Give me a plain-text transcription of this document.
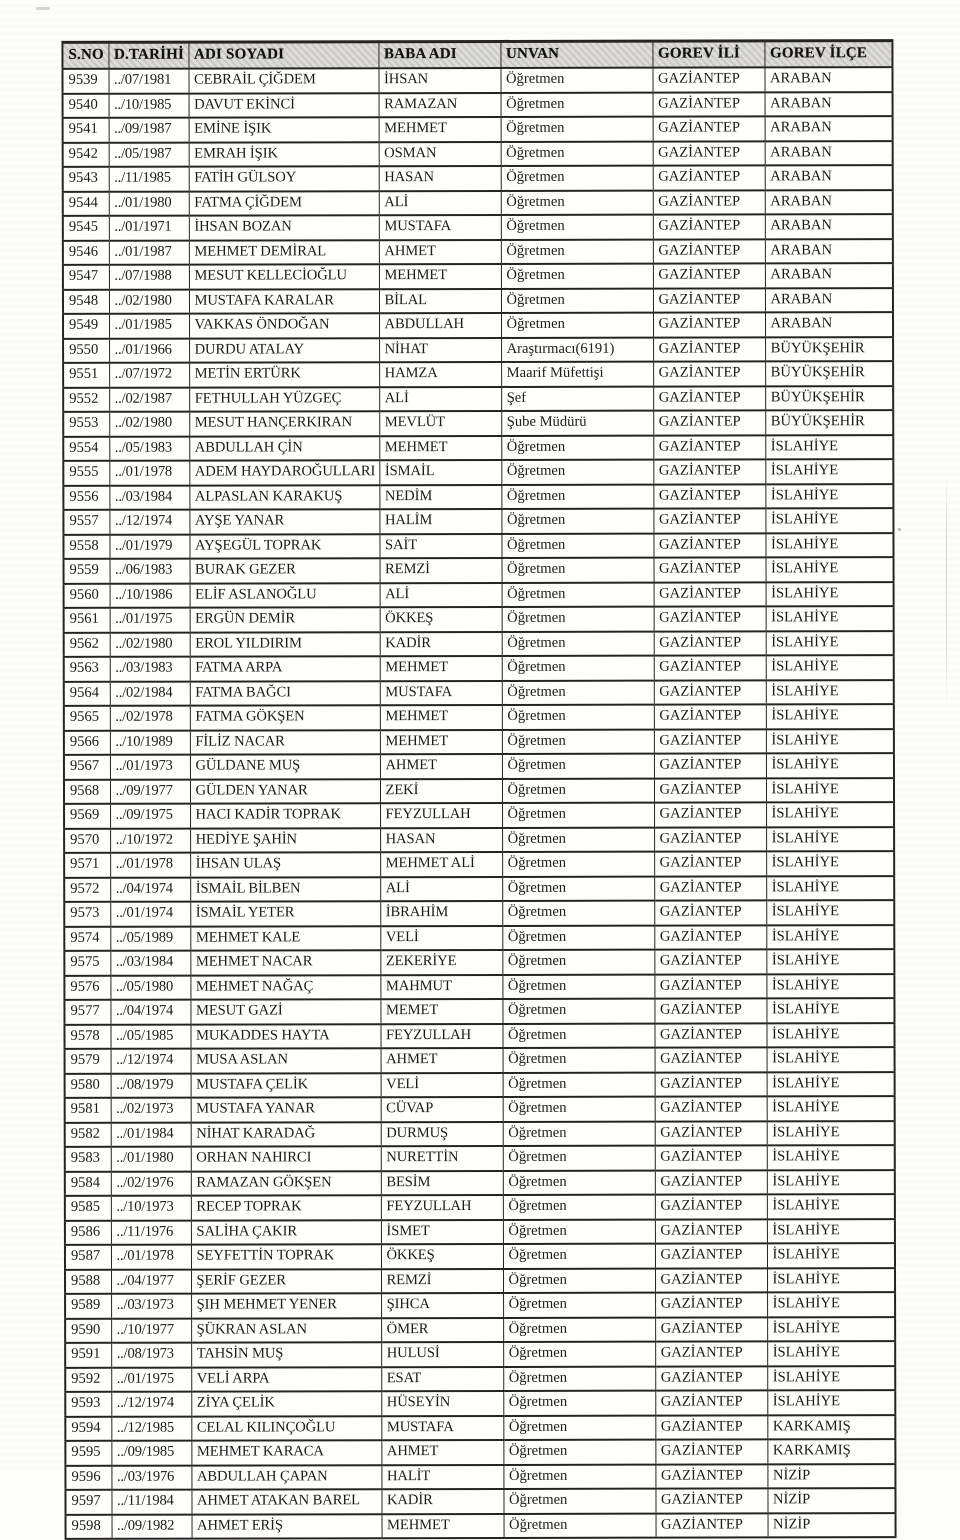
S.NO	D.TARİHİ	ADI SOYADI	BABA ADI	UNVAN	GOREV İLİ	GOREV İLÇE
9539	../07/1981	CEBRAİL ÇİĞDEM	İHSAN	Öğretmen	GAZİANTEP	ARABAN
9540	../10/1985	DAVUT EKİNCİ	RAMAZAN	Öğretmen	GAZİANTEP	ARABAN
9541	../09/1987	EMİNE İŞIK	MEHMET	Öğretmen	GAZİANTEP	ARABAN
9542	../05/1987	EMRAH İŞIK	OSMAN	Öğretmen	GAZİANTEP	ARABAN
9543	../11/1985	FATİH GÜLSOY	HASAN	Öğretmen	GAZİANTEP	ARABAN
9544	../01/1980	FATMA ÇİĞDEM	ALİ	Öğretmen	GAZİANTEP	ARABAN
9545	../01/1971	İHSAN BOZAN	MUSTAFA	Öğretmen	GAZİANTEP	ARABAN
9546	../01/1987	MEHMET DEMİRAL	AHMET	Öğretmen	GAZİANTEP	ARABAN
9547	../07/1988	MESUT KELLECİOĞLU	MEHMET	Öğretmen	GAZİANTEP	ARABAN
9548	../02/1980	MUSTAFA KARALAR	BİLAL	Öğretmen	GAZİANTEP	ARABAN
9549	../01/1985	VAKKAS ÖNDOĞAN	ABDULLAH	Öğretmen	GAZİANTEP	ARABAN
9550	../01/1966	DURDU ATALAY	NİHAT	Araştırmacı(6191)	GAZİANTEP	BÜYÜKŞEHİR
9551	../07/1972	METİN ERTÜRK	HAMZA	Maarif Müfettişi	GAZİANTEP	BÜYÜKŞEHİR
9552	../02/1987	FETHULLAH YÜZGEÇ	ALİ	Şef	GAZİANTEP	BÜYÜKŞEHİR
9553	../02/1980	MESUT HANÇERKIRAN	MEVLÜT	Şube Müdürü	GAZİANTEP	BÜYÜKŞEHİR
9554	../05/1983	ABDULLAH ÇİN	MEHMET	Öğretmen	GAZİANTEP	İSLAHİYE
9555	../01/1978	ADEM HAYDAROĞULLARI	İSMAİL	Öğretmen	GAZİANTEP	İSLAHİYE
9556	../03/1984	ALPASLAN KARAKUŞ	NEDİM	Öğretmen	GAZİANTEP	İSLAHİYE
9557	../12/1974	AYŞE YANAR	HALİM	Öğretmen	GAZİANTEP	İSLAHİYE
9558	../01/1979	AYŞEGÜL TOPRAK	SAİT	Öğretmen	GAZİANTEP	İSLAHİYE
9559	../06/1983	BURAK GEZER	REMZİ	Öğretmen	GAZİANTEP	İSLAHİYE
9560	../10/1986	ELİF ASLANOĞLU	ALİ	Öğretmen	GAZİANTEP	İSLAHİYE
9561	../01/1975	ERGÜN DEMİR	ÖKKEŞ	Öğretmen	GAZİANTEP	İSLAHİYE
9562	../02/1980	EROL YILDIRIM	KADİR	Öğretmen	GAZİANTEP	İSLAHİYE
9563	../03/1983	FATMA ARPA	MEHMET	Öğretmen	GAZİANTEP	İSLAHİYE
9564	../02/1984	FATMA BAĞCI	MUSTAFA	Öğretmen	GAZİANTEP	İSLAHİYE
9565	../02/1978	FATMA GÖKŞEN	MEHMET	Öğretmen	GAZİANTEP	İSLAHİYE
9566	../10/1989	FİLİZ NACAR	MEHMET	Öğretmen	GAZİANTEP	İSLAHİYE
9567	../01/1973	GÜLDANE MUŞ	AHMET	Öğretmen	GAZİANTEP	İSLAHİYE
9568	../09/1977	GÜLDEN YANAR	ZEKİ	Öğretmen	GAZİANTEP	İSLAHİYE
9569	../09/1975	HACI KADİR TOPRAK	FEYZULLAH	Öğretmen	GAZİANTEP	İSLAHİYE
9570	../10/1972	HEDİYE ŞAHİN	HASAN	Öğretmen	GAZİANTEP	İSLAHİYE
9571	../01/1978	İHSAN ULAŞ	MEHMET ALİ	Öğretmen	GAZİANTEP	İSLAHİYE
9572	../04/1974	İSMAİL BİLBEN	ALİ	Öğretmen	GAZİANTEP	İSLAHİYE
9573	../01/1974	İSMAİL YETER	İBRAHİM	Öğretmen	GAZİANTEP	İSLAHİYE
9574	../05/1989	MEHMET KALE	VELİ	Öğretmen	GAZİANTEP	İSLAHİYE
9575	../03/1984	MEHMET NACAR	ZEKERİYE	Öğretmen	GAZİANTEP	İSLAHİYE
9576	../05/1980	MEHMET NAĞAÇ	MAHMUT	Öğretmen	GAZİANTEP	İSLAHİYE
9577	../04/1974	MESUT GAZİ	MEMET	Öğretmen	GAZİANTEP	İSLAHİYE
9578	../05/1985	MUKADDES HAYTA	FEYZULLAH	Öğretmen	GAZİANTEP	İSLAHİYE
9579	../12/1974	MUSA ASLAN	AHMET	Öğretmen	GAZİANTEP	İSLAHİYE
9580	../08/1979	MUSTAFA ÇELİK	VELİ	Öğretmen	GAZİANTEP	İSLAHİYE
9581	../02/1973	MUSTAFA YANAR	CÜVAP	Öğretmen	GAZİANTEP	İSLAHİYE
9582	../01/1984	NİHAT KARADAĞ	DURMUŞ	Öğretmen	GAZİANTEP	İSLAHİYE
9583	../01/1980	ORHAN NAHIRCI	NURETTİN	Öğretmen	GAZİANTEP	İSLAHİYE
9584	../02/1976	RAMAZAN GÖKŞEN	BESİM	Öğretmen	GAZİANTEP	İSLAHİYE
9585	../10/1973	RECEP TOPRAK	FEYZULLAH	Öğretmen	GAZİANTEP	İSLAHİYE
9586	../11/1976	SALİHA ÇAKIR	İSMET	Öğretmen	GAZİANTEP	İSLAHİYE
9587	../01/1978	SEYFETTİN TOPRAK	ÖKKEŞ	Öğretmen	GAZİANTEP	İSLAHİYE
9588	../04/1977	ŞERİF GEZER	REMZİ	Öğretmen	GAZİANTEP	İSLAHİYE
9589	../03/1973	ŞIH MEHMET YENER	ŞIHCA	Öğretmen	GAZİANTEP	İSLAHİYE
9590	../10/1977	ŞÜKRAN ASLAN	ÖMER	Öğretmen	GAZİANTEP	İSLAHİYE
9591	../08/1973	TAHSİN MUŞ	HULUSİ	Öğretmen	GAZİANTEP	İSLAHİYE
9592	../01/1975	VELİ ARPA	ESAT	Öğretmen	GAZİANTEP	İSLAHİYE
9593	../12/1974	ZİYA ÇELİK	HÜSEYİN	Öğretmen	GAZİANTEP	İSLAHİYE
9594	../12/1985	CELAL KILINÇOĞLU	MUSTAFA	Öğretmen	GAZİANTEP	KARKAMIŞ
9595	../09/1985	MEHMET KARACA	AHMET	Öğretmen	GAZİANTEP	KARKAMIŞ
9596	../03/1976	ABDULLAH ÇAPAN	HALİT	Öğretmen	GAZİANTEP	NİZİP
9597	../11/1984	AHMET ATAKAN BAREL	KADİR	Öğretmen	GAZİANTEP	NİZİP
9598	../09/1982	AHMET ERİŞ	MEHMET	Öğretmen	GAZİANTEP	NİZİP
